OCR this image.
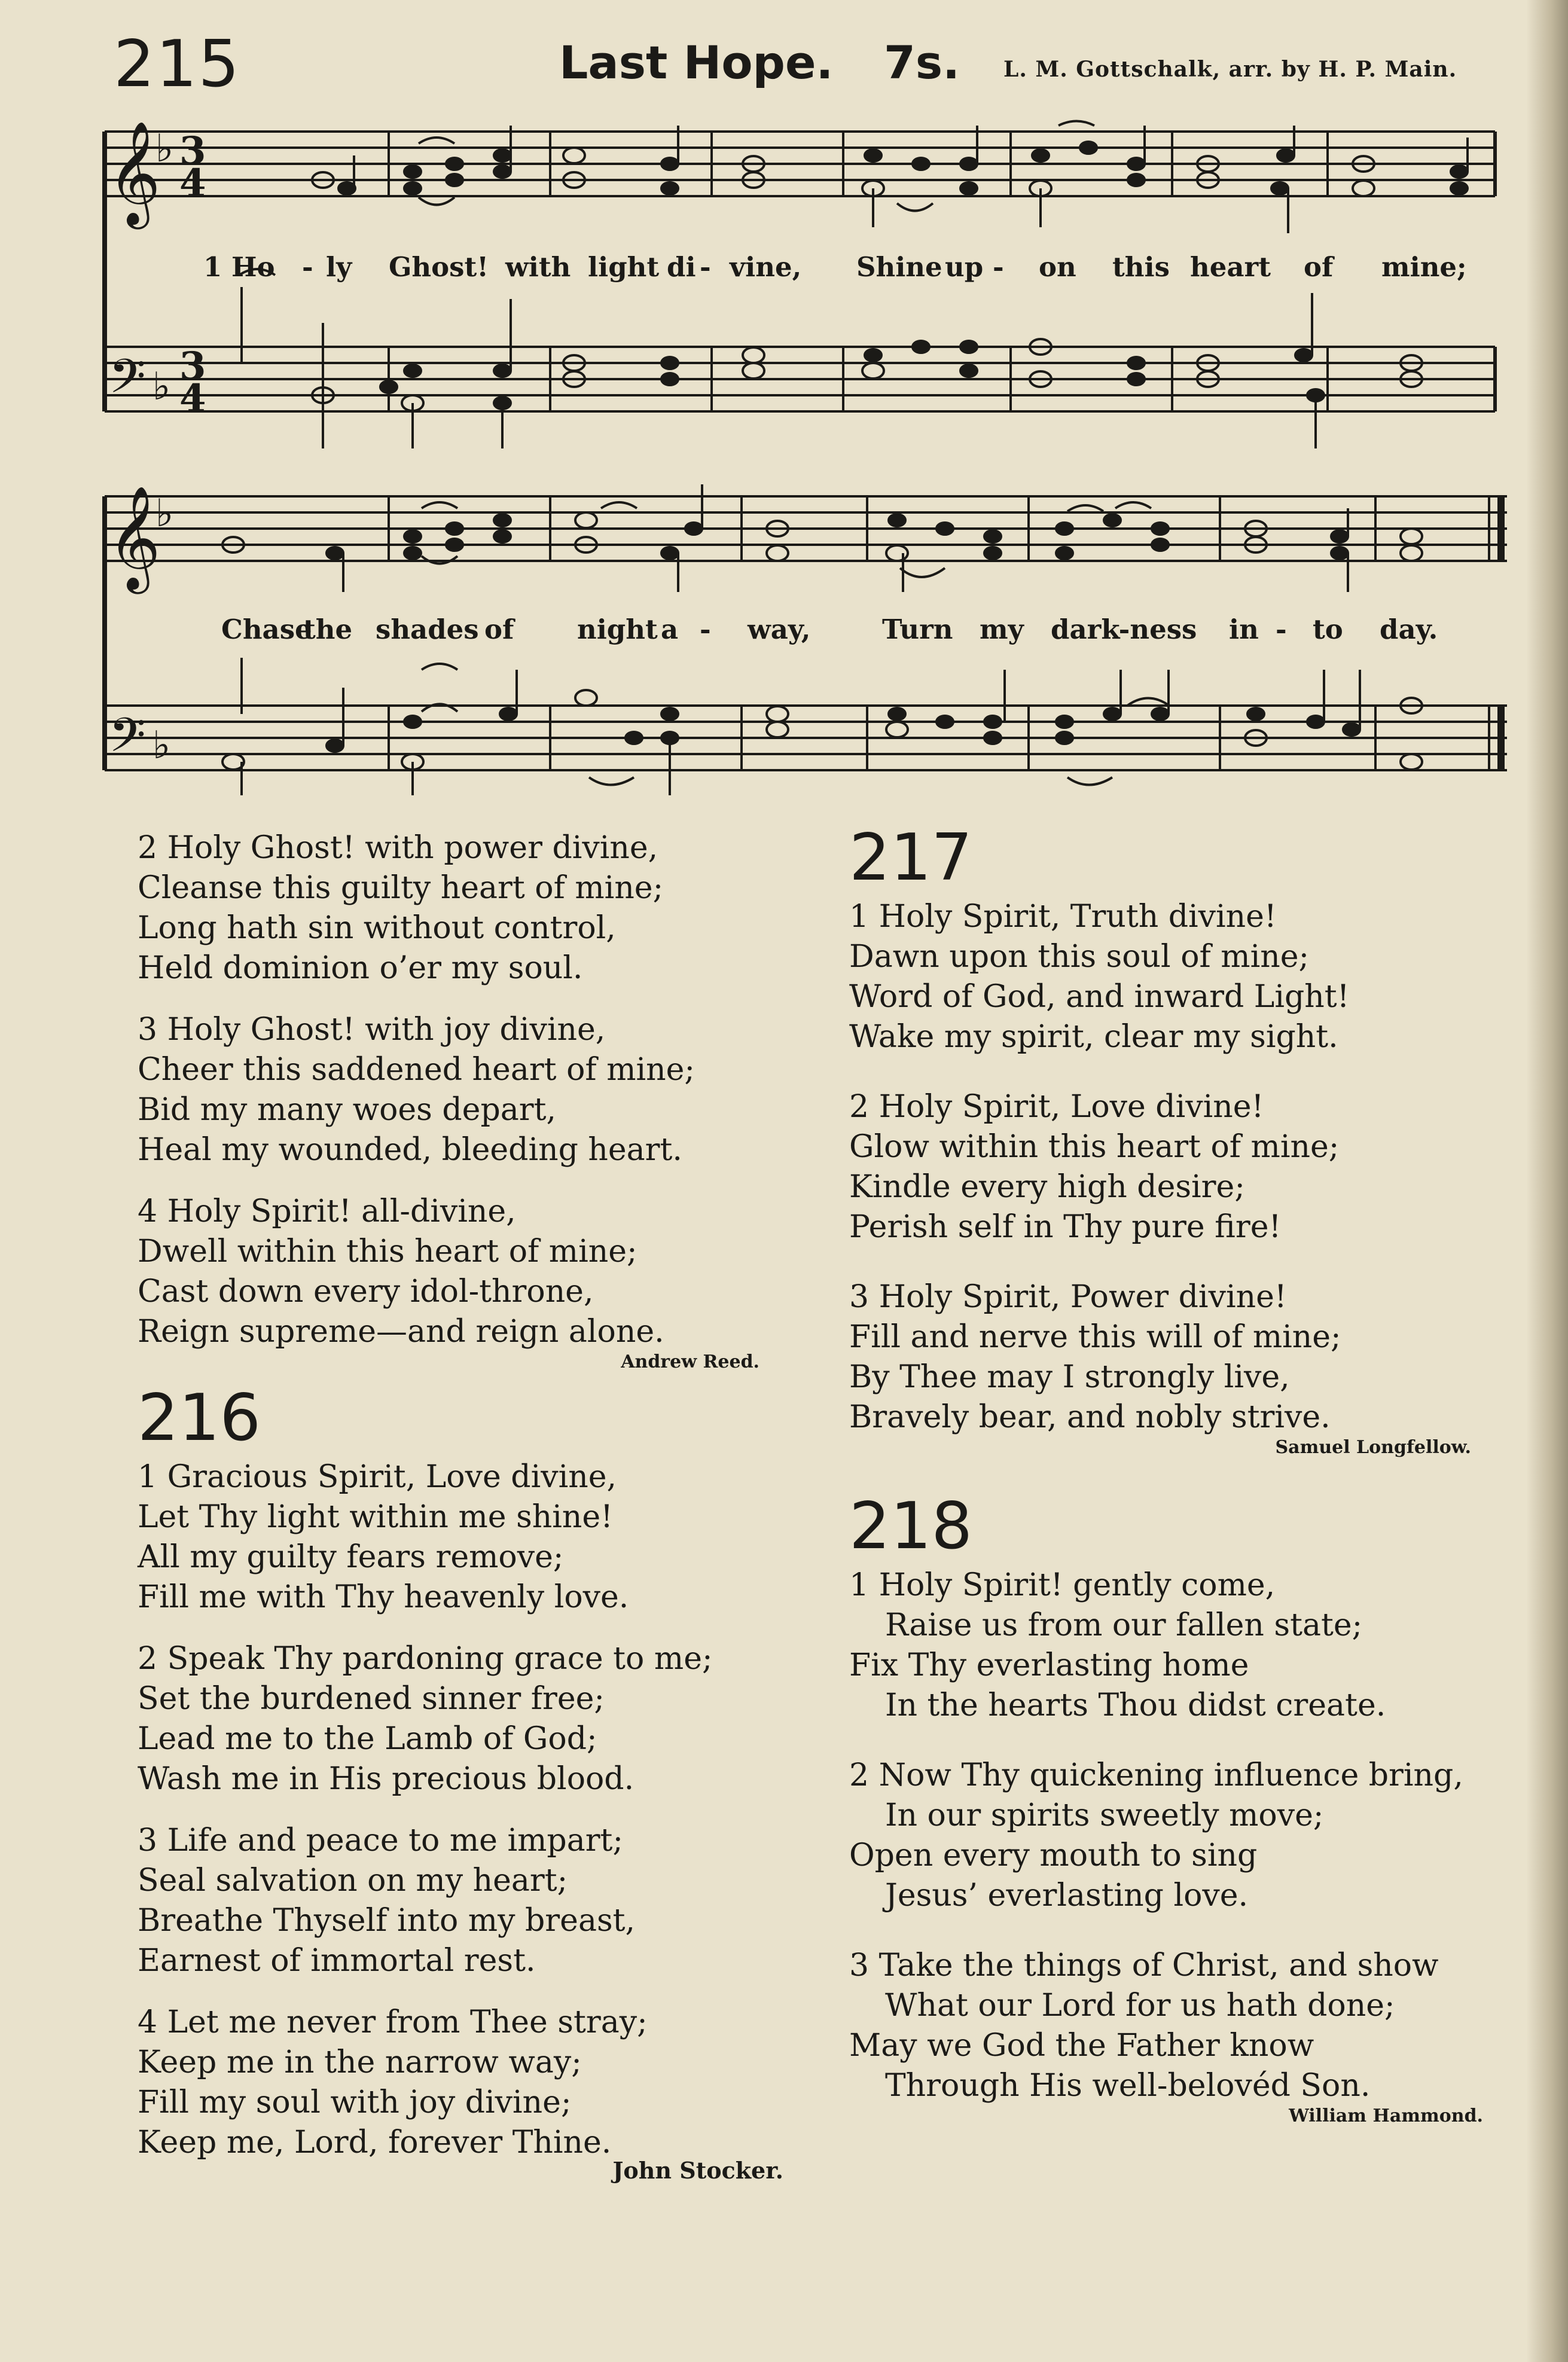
215	Last Hope. 7s. L. M. Gottschalk, arr. by H. P. Main.
𝄞
𝄞
𝄢
𝄢
♭
♭
♭
♭
3
4
3
4
1 Ho - ly Ghost! with light di - vine, Shine up - on this heart of mine;
Chase
the shades of night a - way,	Turn my dark-ness in - to day.
2 Holy Ghost! with power divine,
Cleanse this guilty heart of mine;
Long hath sin without control,
Held dominion o’er my soul.
3 Holy Ghost! with joy divine,
Cheer this saddened heart of mine;
Bid my many woes depart,
Heal my wounded, bleeding heart.
4 Holy Spirit! all-divine,
Dwell within this heart of mine;
Cast down every idol-throne,
Reign supreme—and reign alone.
Andrew Reed.
216
1 Gracious Spirit, Love divine,
Let Thy light within me shine!
All my guilty fears remove;
Fill me with Thy heavenly love.
2 Speak Thy pardoning grace to me;
Set the burdened sinner free;
Lead me to the Lamb of God;
Wash me in His precious blood.
3 Life and peace to me impart;
Seal salvation on my heart;
Breathe Thyself into my breast,
Earnest of immortal rest.
4 Let me never from Thee stray;
Keep me in the narrow way;
Fill my soul with joy divine;
Keep me, Lord, forever Thine.
John Stocker.
217
1 Holy Spirit, Truth divine!
Dawn upon this soul of mine;
Word of God, and inward Light!
Wake my spirit, clear my sight.
2 Holy Spirit, Love divine!
Glow within this heart of mine;
Kindle every high desire;
Perish self in Thy pure fire!
3 Holy Spirit, Power divine!
Fill and nerve this will of mine;
By Thee may I strongly live,
Bravely bear, and nobly strive.
Samuel Longfellow.
218
1 Holy Spirit! gently come,
Raise us from our fallen state;
Fix Thy everlasting home
In the hearts Thou didst create.
2 Now Thy quickening influence bring,
In our spirits sweetly move;
Open every mouth to sing
Jesus’ everlasting love.
3 Take the things of Christ, and show
What our Lord for us hath done;
May we God the Father know
Through His well-belovéd Son.
William Hammond.
